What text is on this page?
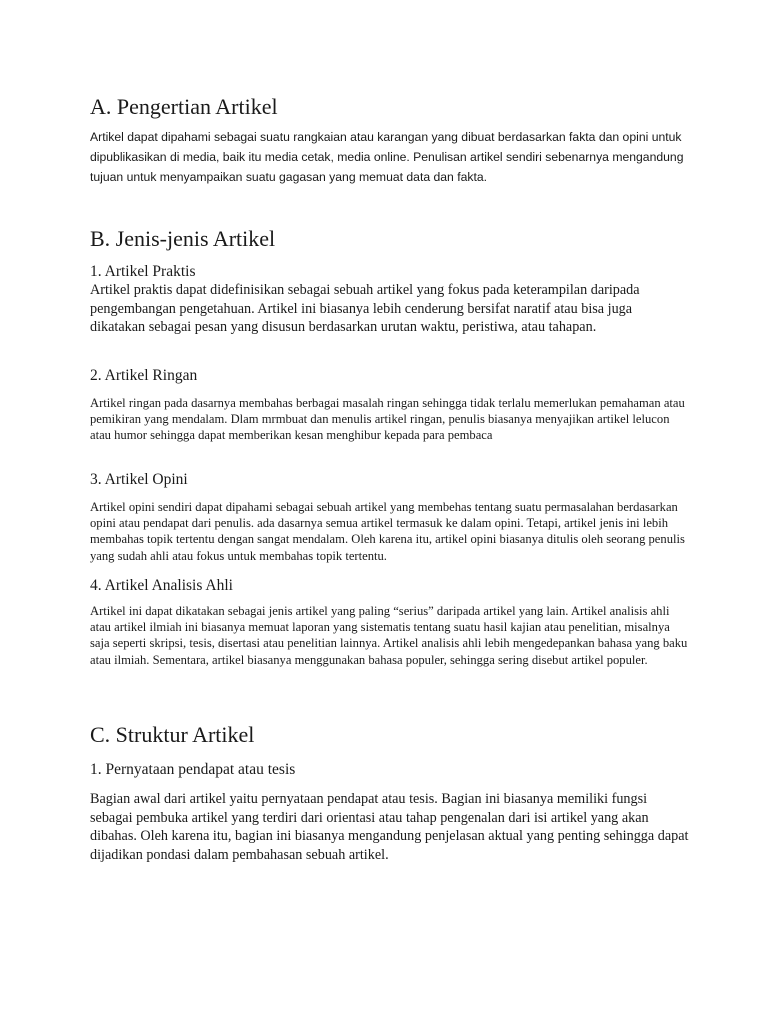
A. Pengertian Artikel

Artikel dapat dipahami sebagai suatu rangkaian atau karangan yang dibuat berdasarkan fakta dan opini untuk dipublikasikan di media, baik itu media cetak, media online. Penulisan artikel sendiri sebenarnya mengandung tujuan untuk menyampaikan suatu gagasan yang memuat data dan fakta.

B. Jenis-jenis Artikel
1. Artikel Praktis

Artikel praktis dapat didefinisikan sebagai sebuah artikel yang fokus pada keterampilan daripada pengembangan pengetahuan. Artikel ini biasanya lebih cenderung bersifat naratif atau bisa juga dikatakan sebagai pesan yang disusun berdasarkan urutan waktu, peristiwa, atau tahapan.

2. Artikel Ringan

Artikel ringan pada dasarnya membahas berbagai masalah ringan sehingga tidak terlalu memerlukan pemahaman atau pemikiran yang mendalam. Dlam mrmbuat dan menulis artikel ringan, penulis biasanya menyajikan artikel lelucon atau humor sehingga dapat memberikan kesan menghibur kepada para pembaca

3. Artikel Opini

Artikel opini sendiri dapat dipahami sebagai sebuah artikel yang membehas tentang suatu permasalahan berdasarkan opini atau pendapat dari penulis. ada dasarnya semua artikel termasuk ke dalam opini. Tetapi, artikel jenis ini lebih membahas topik tertentu dengan sangat mendalam. Oleh karena itu, artikel opini biasanya ditulis oleh seorang penulis yang sudah ahli atau fokus untuk membahas topik tertentu.

4. Artikel Analisis Ahli

Artikel ini dapat dikatakan sebagai jenis artikel yang paling “serius” daripada artikel yang lain. Artikel analisis ahli atau artikel ilmiah ini biasanya memuat laporan yang sistematis tentang suatu hasil kajian atau penelitian, misalnya saja seperti skripsi, tesis, disertasi atau penelitian lainnya. Artikel analisis ahli lebih mengedepankan bahasa yang baku atau ilmiah. Sementara, artikel biasanya menggunakan bahasa populer, sehingga sering disebut artikel populer.

C. Struktur Artikel
1. Pernyataan pendapat atau tesis

Bagian awal dari artikel yaitu pernyataan pendapat atau tesis. Bagian ini biasanya memiliki fungsi sebagai pembuka artikel yang terdiri dari orientasi atau tahap pengenalan dari isi artikel yang akan dibahas. Oleh karena itu, bagian ini biasanya mengandung penjelasan aktual yang penting sehingga dapat dijadikan pondasi dalam pembahasan sebuah artikel.
